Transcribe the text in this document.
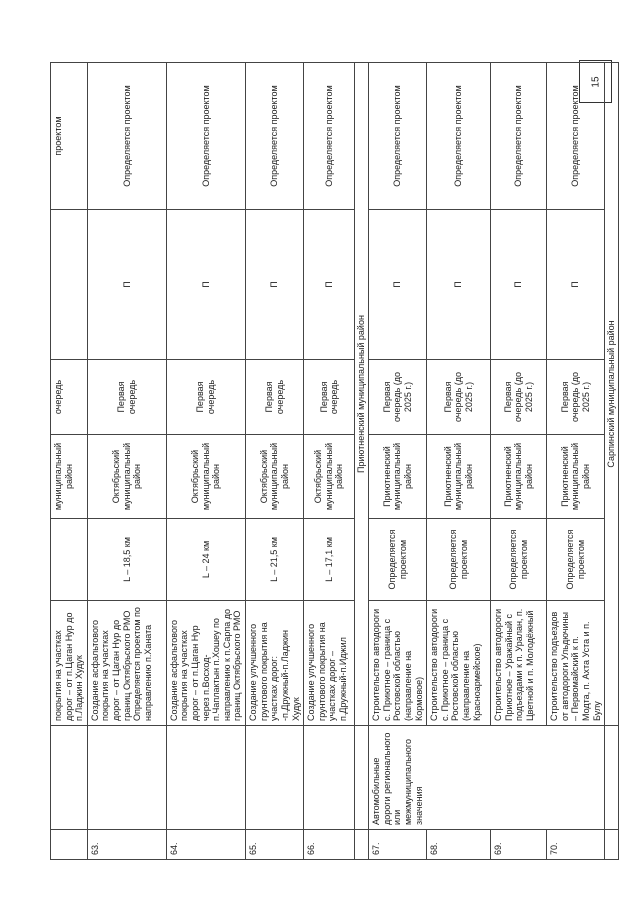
15
		покрытия на участках дорог – от п.Цаган Нур до п.Ладжин Худук		муниципальный район	очередь		проектом
63.		Создание асфальтового покрытия на участках дорог – от Цаган Нур до границ Октябрьского РМО Определяется проектом по направлению п.Ханата	L – 18,5 км	Октябрьский муниципальный район	Первая очередь	П	Определяется проектом
64.		Создание асфальтового покрытия на участках дорог – от п.Цаган Нур через п.Восход-п.Чаплактын п.Хошеу по направлению к п.Сарпа до границ Октябрьского РМО	L – 24 км	Октябрьский муниципальный район	Первая очередь	П	Определяется проектом
65.		Создание улучшенного грунтового покрытия на участках дорог: -п.Дружный-п.Ладжин Худук	L – 21,5 км	Октябрьский муниципальный район	Первая очередь	П	Определяется проектом
66.		Создание улучшенного грунтового покрытия на участках дорог – п.Дружный-п.Иджил	L – 17,1 км	Октябрьский муниципальный район	Первая очередь	П	Определяется проектом
		Приютненский муниципальный район					
67.	Автомобильные дороги регионального или межмуниципального значения	Строительство автодороги с. Приютное – граница с Ростовской областью (направление на Кормовое)	Определяется проектом	Приютненский муниципальный район	Первая очередь (до 2025 г.)	П	Определяется проектом
68.		Строительство автодороги с. Приютное – граница с Ростовской областью (направление на Красноармейское)	Определяется проектом	Приютненский муниципальный район	Первая очередь (до 2025 г.)	П	Определяется проектом
69.		Строительство автодороги Приютное – Уражайный с подъездами к п. Уралан, п. Цветной и п. Молодёжный	Определяется проектом	Приютненский муниципальный район	Первая очередь (до 2025 г.)	П	Определяется проектом
70.		Строительство подъездов от автодороги Ульдючины – Первомайский к п. Модта, п. Ахта Уста и п. Булу	Определяется проектом	Приютненский муниципальный район	Первая очередь (до 2025 г.)	П	Определяется проектом
		Сарпинский муниципальный район					
